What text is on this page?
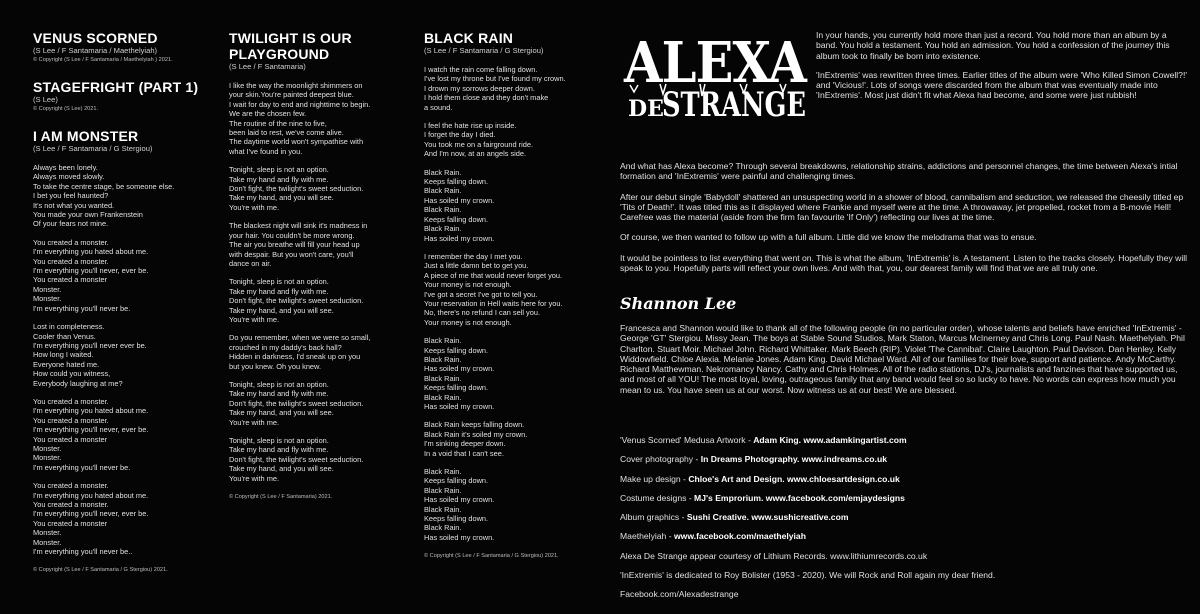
VENUS SCORNED
(S Lee / F Santamaria / Maethelyiah)
© Copyright (S Lee / F Santamaria / Maethelyiah ) 2021.
STAGEFRIGHT (PART 1)
(S Lee)
© Copyright (S Lee) 2021.
I AM MONSTER
(S Lee / F Santamaria / G Stergiou)
Always been lonely.
Always moved slowly.
To take the centre stage, be someone else.
I bet you feel haunted?
It's not what you wanted.
You made your own Frankenstein
Of your fears not mine.
You created a monster.
I'm everything you hated about me.
You created a monster.
I'm everything you'll never, ever be.
You created a monster
Monster.
Monster.
I'm everything you'll never be.
Lost in completeness.
Cooler than Venus.
I'm everything you'll never ever be.
How long I waited.
Everyone hated me.
How could you witness,
Everybody laughing at me?
You created a monster.
I'm everything you hated about me.
You created a monster.
I'm everything you'll never, ever be.
You created a monster
Monster.
Monster.
I'm everything you'll never be.
You created a monster.
I'm everything you hated about me.
You created a monster.
I'm everything you'll never, ever be.
You created a monster
Monster.
Monster.
I'm everything you'll never be..
© Copyright (S Lee / F Santamaria / G Stergiou) 2021.
TWILIGHT IS OUR PLAYGROUND
(S Lee / F Santamaria)
I like the way the moonlight shimmers on
your skin.You're painted deepest blue.
I wait for day to end and nighttime to begin.
We are the chosen few.
The routine of the nine to five,
been laid to rest, we've come alive.
The daytime world won't sympathise with
what I've found in you.
Tonight, sleep is not an option.
Take my hand and fly with me.
Don't fight, the twilight's sweet seduction.
Take my hand, and you will see.
You're with me.
The blackest night will sink it's madness in
your hair. You couldn't be more wrong.
The air you breathe will fill your head up
with despair. But you won't care, you'll
dance on air.
Tonight, sleep is not an option.
Take my hand and fly with me.
Don't fight, the twilight's sweet seduction.
Take my hand, and you will see.
You're with me.
Do you remember, when we were so small,
crouched in my daddy's back hall?
Hidden in darkness, I'd sneak up on you
but you knew. Oh you knew.
Tonight, sleep is not an option.
Take my hand and fly with me.
Don't fight, the twilight's sweet seduction.
Take my hand, and you will see.
You're with me.
Tonight, sleep is not an option.
Take my hand and fly with me.
Don't fight, the twilight's sweet seduction.
Take my hand, and you will see.
You're with me.
© Copyright (S Lee / F Santamaria) 2021.
BLACK RAIN
(S Lee / F Santamaria / G Stergiou)
I watch the rain come falling down.
I've lost my throne but I've found my crown.
I drown my sorrows deeper down.
I hold them close and they don't make
a sound.
I feel the hate rise up inside.
I forget the day I died.
You took me on a fairground ride.
And I'm now, at an angels side.
Black Rain.
Keeps falling down.
Black Rain.
Has soiled my crown.
Black Rain.
Keeps falling down.
Black Rain.
Has soiled my crown.
I remember the day I met you.
Just a little damn bet to get you.
A piece of me that would never forget you.
Your money is not enough.
I've got a secret I've got to tell you.
Your reservation in Hell waits here for you.
No, there's no refund I can sell you.
Your money is not enough.
Black Rain.
Keeps falling down.
Black Rain.
Has soiled my crown.
Black Rain.
Keeps falling down.
Black Rain.
Has soiled my crown.
Black Rain keeps falling down.
Black Rain it's soiled my crown.
I'm sinking deeper down.
In a void that I can't see.
Black Rain.
Keeps falling down.
Black Rain.
Has soiled my crown.
Black Rain.
Keeps falling down.
Black Rain.
Has soiled my crown.
© Copyright (S Lee / F Santamaria / G Stergiou) 2021.
ALEXA
DE
STRANGE

In your hands, you currently hold more than just a record. You hold more than an album by a band. You hold a testament. You hold an admission. You hold a confession of the journey this album took to finally be born into existence.

'InExtremis' was rewritten three times. Earlier titles of the album were 'Who Killed Simon Cowell?!' and 'Vicious!'. Lots of songs were discarded from the album that was eventually made into 'InExtremis'. Most just didn't fit what Alexa had become, and some were just rubbish!

And what has Alexa become? Through several breakdowns, relationship strains, addictions and personnel changes, the time between Alexa's intial formation and 'InExtremis' were painful and challenging times.

After our debut single 'Babydoll' shattered an unsuspecting world in a shower of blood, cannibalism and seduction, we released the cheesily titled ep 'Tits of Death!'. It was titled this as it displayed where Frankie and myself were at the time. A throwaway, jet propelled, rocket from a B-movie Hell! Carefree was the material (aside from the firm fan favourite 'If Only') reflecting our lives at the time.

Of course, we then wanted to follow up with a full album. Little did we know the melodrama that was to ensue.

It would be pointless to list everything that went on. This is what the album, 'InExtremis' is. A testament. Listen to the tracks closely. Hopefully they will speak to you. Hopefully parts will reflect your own lives. And with that, you, our dearest family will find that we are all truly one.

Shannon Lee
Francesca and Shannon would like to thank all of the following people (in no particular order), whose talents and beliefs have enriched 'InExtremis' - George 'GT' Stergiou. Missy Jean. The boys at Stable Sound Studios, Mark Staton, Marcus McInerney and Chris Long. Paul Nash. Maethelyiah. Phil Charlton. Stuart Moir. Michael John. Richard Whittaker. Mark Beech (RIP). Violet 'The Cannibal'. Claire Laughton. Paul Davison. Dan Henley. Kelly Widdowfield. Chloe Alexia. Melanie Jones. Adam King. David Michael Ward. All of our families for their love, support and patience. Andy McCarthy. Richard Matthewman. Nekromancy Nancy. Cathy and Chris Holmes. All of the radio stations, DJ's, journalists and fanzines that have supported us, and most of all YOU! The most loyal, loving, outrageous family that any band would feel so so lucky to have. No words can express how much you mean to us. You have seen us at our worst. Now witness us at our best! We are blessed.
'Venus Scorned' Medusa Artwork - Adam King. www.adamkingartist.com
Cover photography - In Dreams Photography. www.indreams.co.uk
Make up design - Chloe's Art and Design. www.chloesartdesign.co.uk
Costume designs - MJ's Emprorium. www.facebook.com/emjaydesigns
Album graphics - Sushi Creative. www.sushicreative.com
Maethelyiah - www.facebook.com/maethelyiah
Alexa De Strange appear courtesy of Lithium Records. www.lithiumrecords.co.uk
'InExtremis' is dedicated to Roy Bolister (1953 - 2020). We will Rock and Roll again my dear friend.
Facebook.com/Alexadestrange
